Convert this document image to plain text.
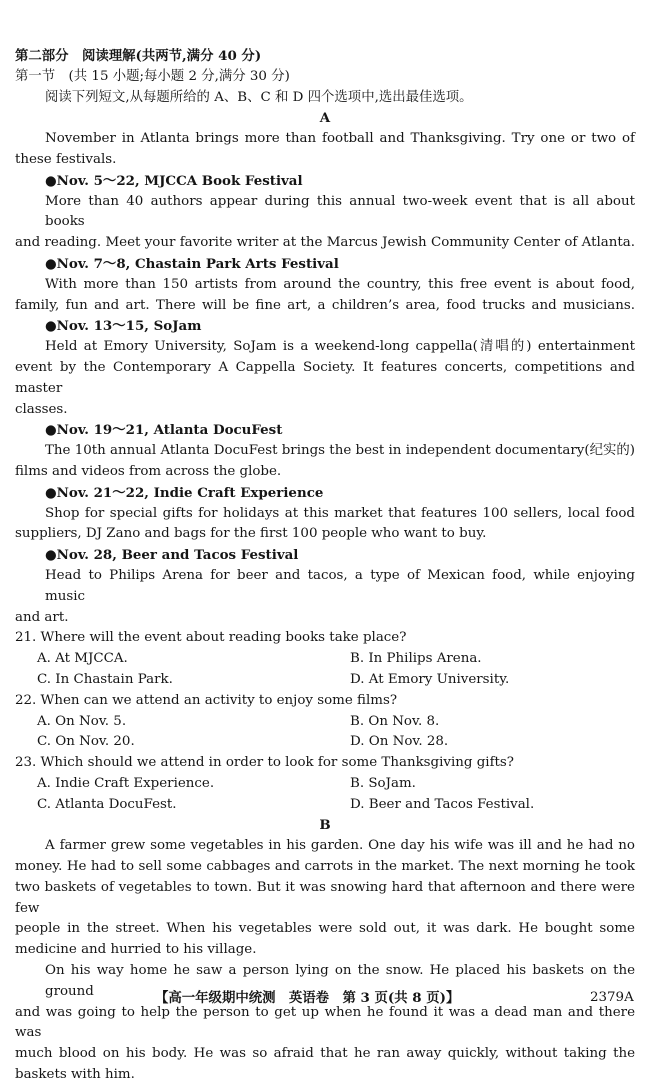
第二部分　阅读理解(共两节,满分 40 分)
第一节　(共 15 小题;每小题 2 分,满分 30 分)
阅读下列短文,从每题所给的 A、B、C 和 D 四个选项中,选出最佳选项。
A
November in Atlanta brings more than football and Thanksgiving. Try one or two of
these festivals.
●Nov. 5～22, MJCCA Book Festival
More than 40 authors appear during this annual two-week event that is all about books
and reading. Meet your favorite writer at the Marcus Jewish Community Center of Atlanta.
●Nov. 7～8, Chastain Park Arts Festival
With more than 150 artists from around the country, this free event is about food,
family, fun and art. There will be fine art, a children’s area, food trucks and musicians.
●Nov. 13～15, SoJam
Held at Emory University, SoJam is a weekend-long cappella(清唱的) entertainment
event by the Contemporary A Cappella Society. It features concerts, competitions and master
classes.
●Nov. 19～21, Atlanta DocuFest
The 10th annual Atlanta DocuFest brings the best in independent documentary(纪实的)
films and videos from across the globe.
●Nov. 21～22, Indie Craft Experience
Shop for special gifts for holidays at this market that features 100 sellers, local food
suppliers, DJ Zano and bags for the first 100 people who want to buy.
●Nov. 28, Beer and Tacos Festival
Head to Philips Arena for beer and tacos, a type of Mexican food, while enjoying music
and art.
21. Where will the event about reading books take place?
A. At MJCCA.	B. In Philips Arena.
C. In Chastain Park.	D. At Emory University.
22. When can we attend an activity to enjoy some films?
A. On Nov. 5.	B. On Nov. 8.
C. On Nov. 20.	D. On Nov. 28.
23. Which should we attend in order to look for some Thanksgiving gifts?
A. Indie Craft Experience.	B. SoJam.
C. Atlanta DocuFest.	D. Beer and Tacos Festival.
B
A farmer grew some vegetables in his garden. One day his wife was ill and he had no
money. He had to sell some cabbages and carrots in the market. The next morning he took
two baskets of vegetables to town. But it was snowing hard that afternoon and there were few
people in the street. When his vegetables were sold out, it was dark. He bought some
medicine and hurried to his village.
On his way home he saw a person lying on the snow. He placed his baskets on the ground
and was going to help the person to get up when he found it was a dead man and there was
much blood on his body. He was so afraid that he ran away quickly, without taking the
baskets with him.
【高一年级期中统测　英语卷　第 3 页(共 8 页)】	2379A
